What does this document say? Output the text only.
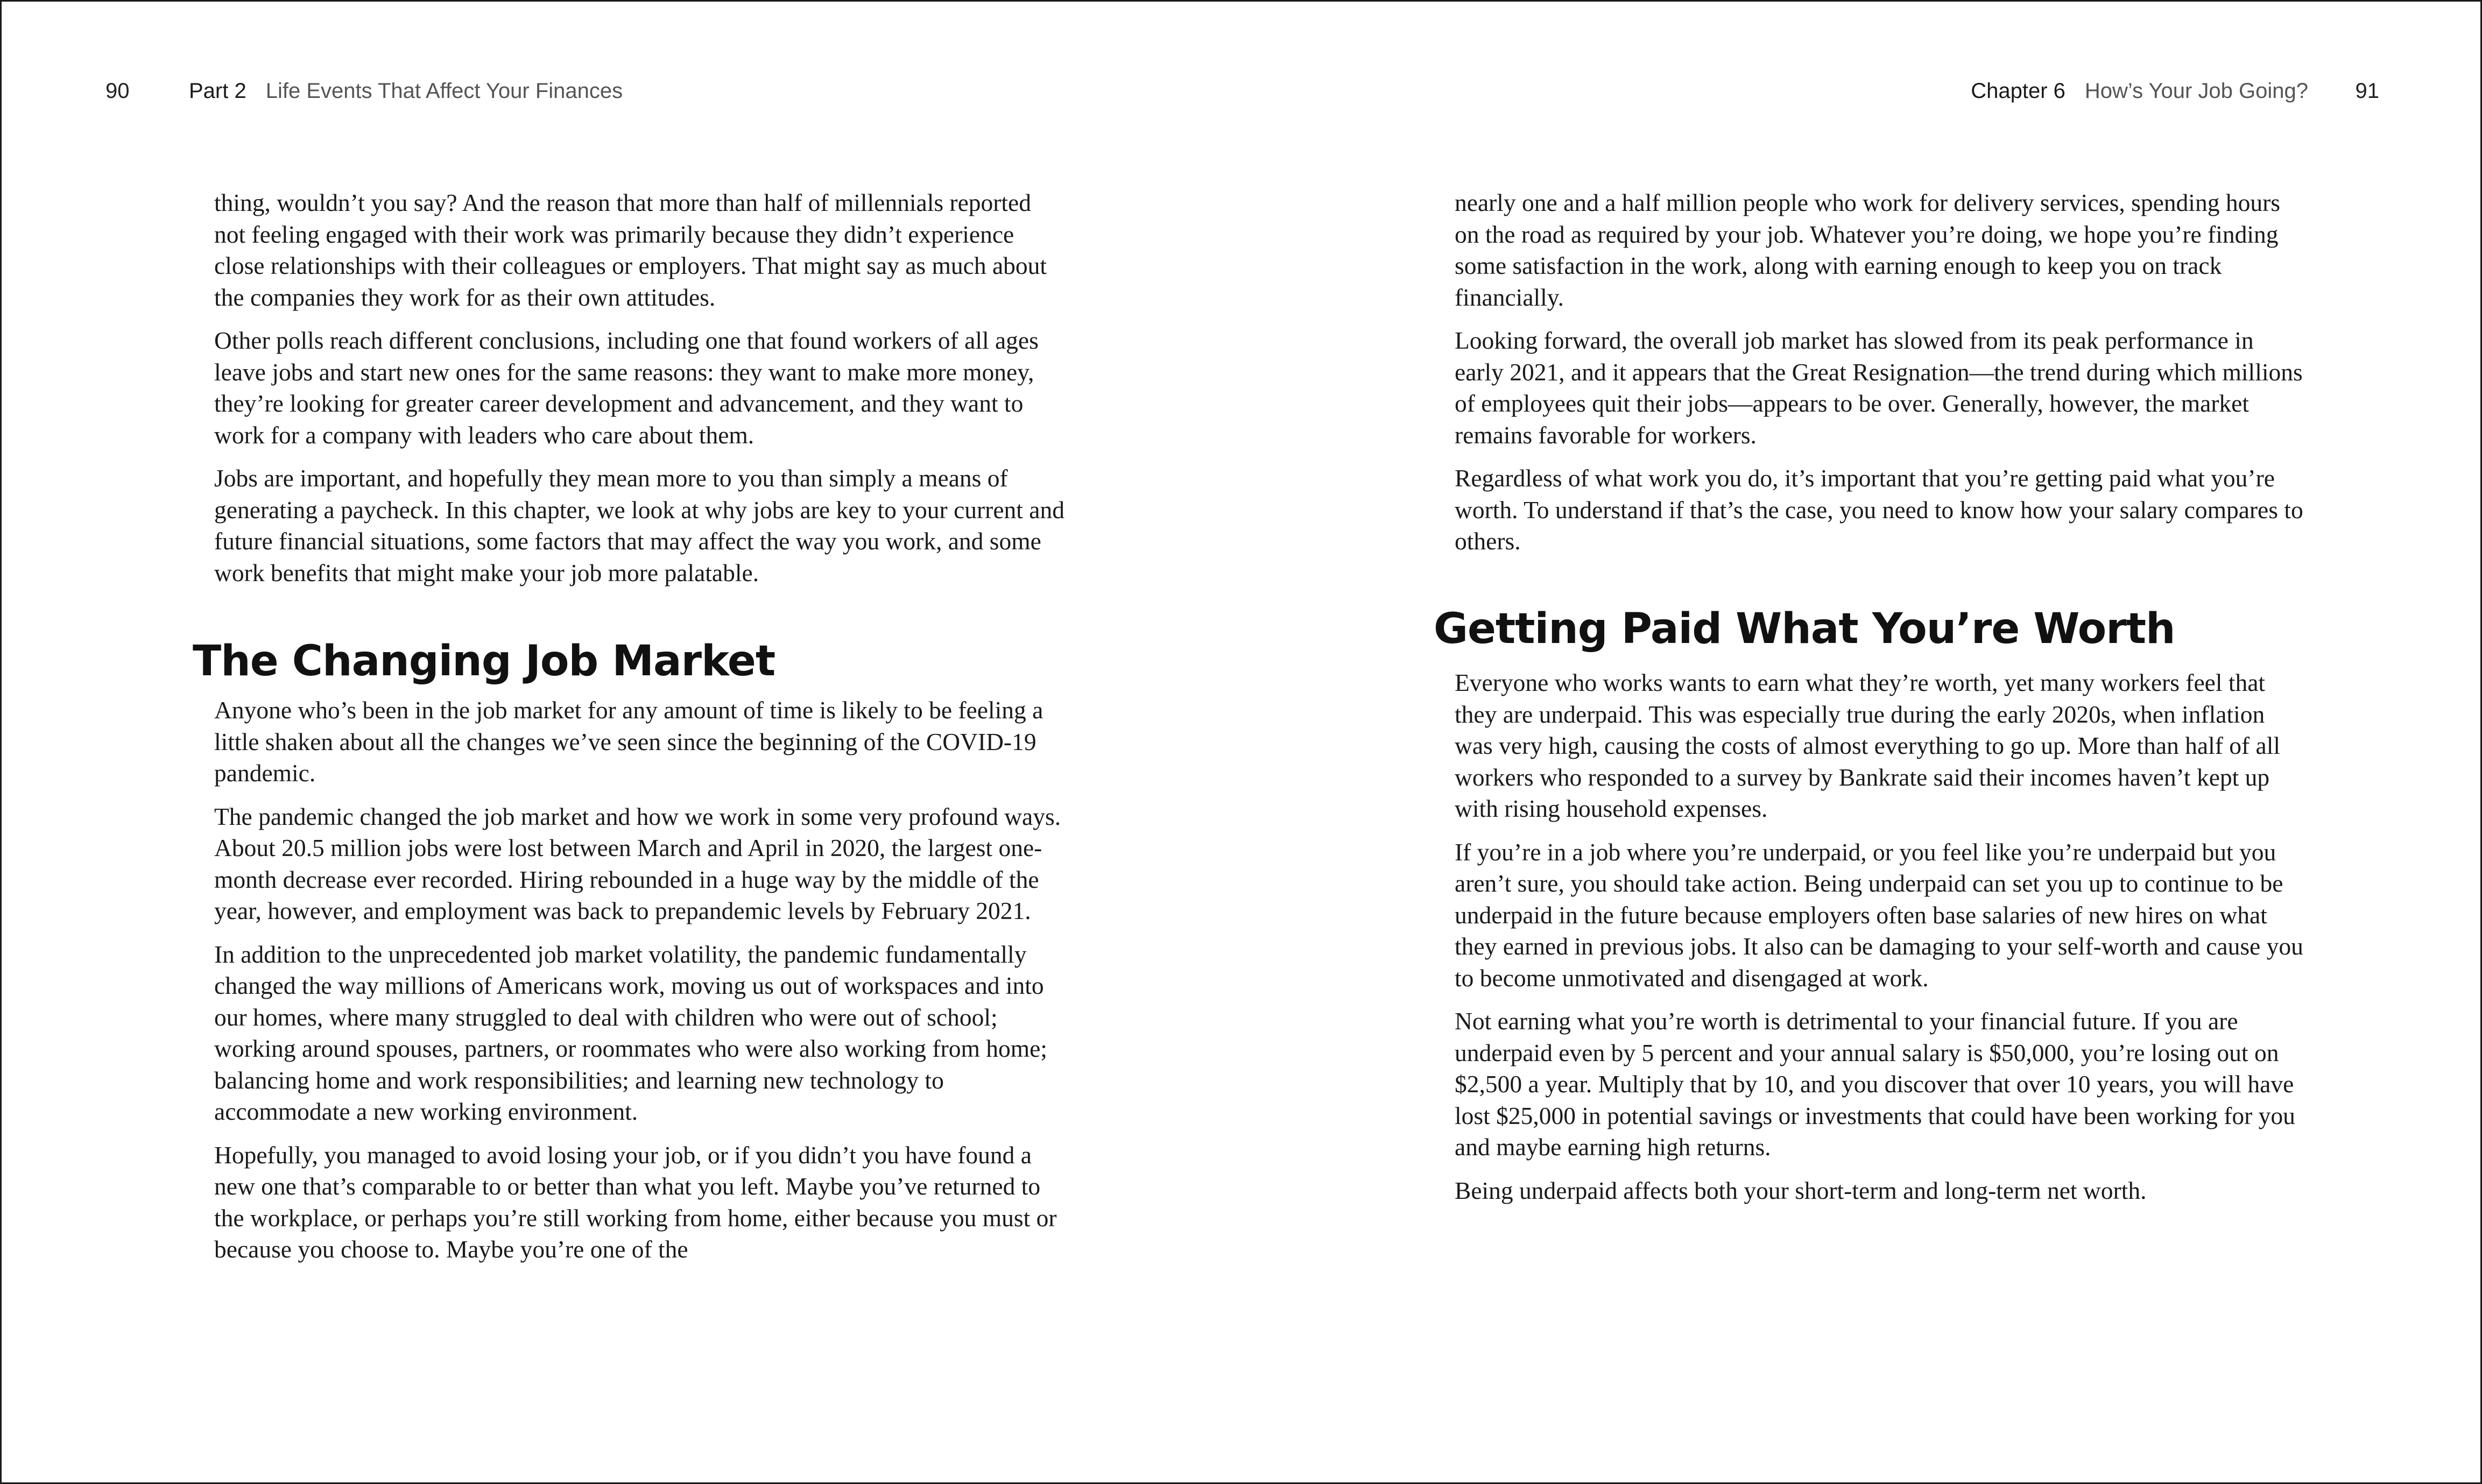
90	Part 2 Life Events That Affect Your Finances

thing, wouldn’t you say? And the reason that more than half of millennials reported not feeling engaged with their work was primarily because they didn’t experience close relationships with their colleagues or employers. That might say as much about the companies they work for as their own attitudes.

Other polls reach different conclusions, including one that found workers of all ages leave jobs and start new ones for the same reasons: they want to make more money, they’re looking for greater career development and advancement, and they want to work for a company with leaders who care about them.

Jobs are important, and hopefully they mean more to you than simply a means of generating a paycheck. In this chapter, we look at why jobs are key to your current and future financial situations, some factors that may affect the way you work, and some work benefits that might make your job more palatable.

The Changing Job Market

Anyone who’s been in the job market for any amount of time is likely to be feeling a little shaken about all the changes we’ve seen since the beginning of the COVID-19 pandemic.

The pandemic changed the job market and how we work in some very profound ways. About 20.5 million jobs were lost between March and April in 2020, the largest one-month decrease ever recorded. Hiring rebounded in a huge way by the middle of the year, however, and employment was back to prepandemic levels by February 2021.

In addition to the unprecedented job market volatility, the pandemic fundamentally changed the way millions of Americans work, moving us out of workspaces and into our homes, where many struggled to deal with children who were out of school; working around spouses, partners, or roommates who were also working from home; balancing home and work responsibilities; and learning new technology to accommodate a new working environment.

Hopefully, you managed to avoid losing your job, or if you didn’t you have found a new one that’s comparable to or better than what you left. Maybe you’ve returned to the workplace, or perhaps you’re still working from home, either because you must or because you choose to. Maybe you’re one of the

Chapter 6 How’s Your Job Going? 91

nearly one and a half million people who work for delivery services, spending hours on the road as required by your job. Whatever you’re doing, we hope you’re finding some satisfaction in the work, along with earning enough to keep you on track financially.

Looking forward, the overall job market has slowed from its peak performance in early 2021, and it appears that the Great Resignation—the trend during which millions of employees quit their jobs—appears to be over. Generally, however, the market remains favorable for workers.

Regardless of what work you do, it’s important that you’re getting paid what you’re worth. To understand if that’s the case, you need to know how your salary compares to others.

Getting Paid What You’re Worth

Everyone who works wants to earn what they’re worth, yet many workers feel that they are underpaid. This was especially true during the early 2020s, when inflation was very high, causing the costs of almost everything to go up. More than half of all workers who responded to a survey by Bankrate said their incomes haven’t kept up with rising household expenses.

If you’re in a job where you’re underpaid, or you feel like you’re underpaid but you aren’t sure, you should take action. Being underpaid can set you up to continue to be underpaid in the future because employers often base salaries of new hires on what they earned in previous jobs. It also can be damaging to your self-worth and cause you to become unmotivated and disengaged at work.

Not earning what you’re worth is detrimental to your financial future. If you are underpaid even by 5 percent and your annual salary is $50,000, you’re losing out on $2,500 a year. Multiply that by 10, and you discover that over 10 years, you will have lost $25,000 in potential savings or investments that could have been working for you and maybe earning high returns.

Being underpaid affects both your short-term and long-term net worth.
